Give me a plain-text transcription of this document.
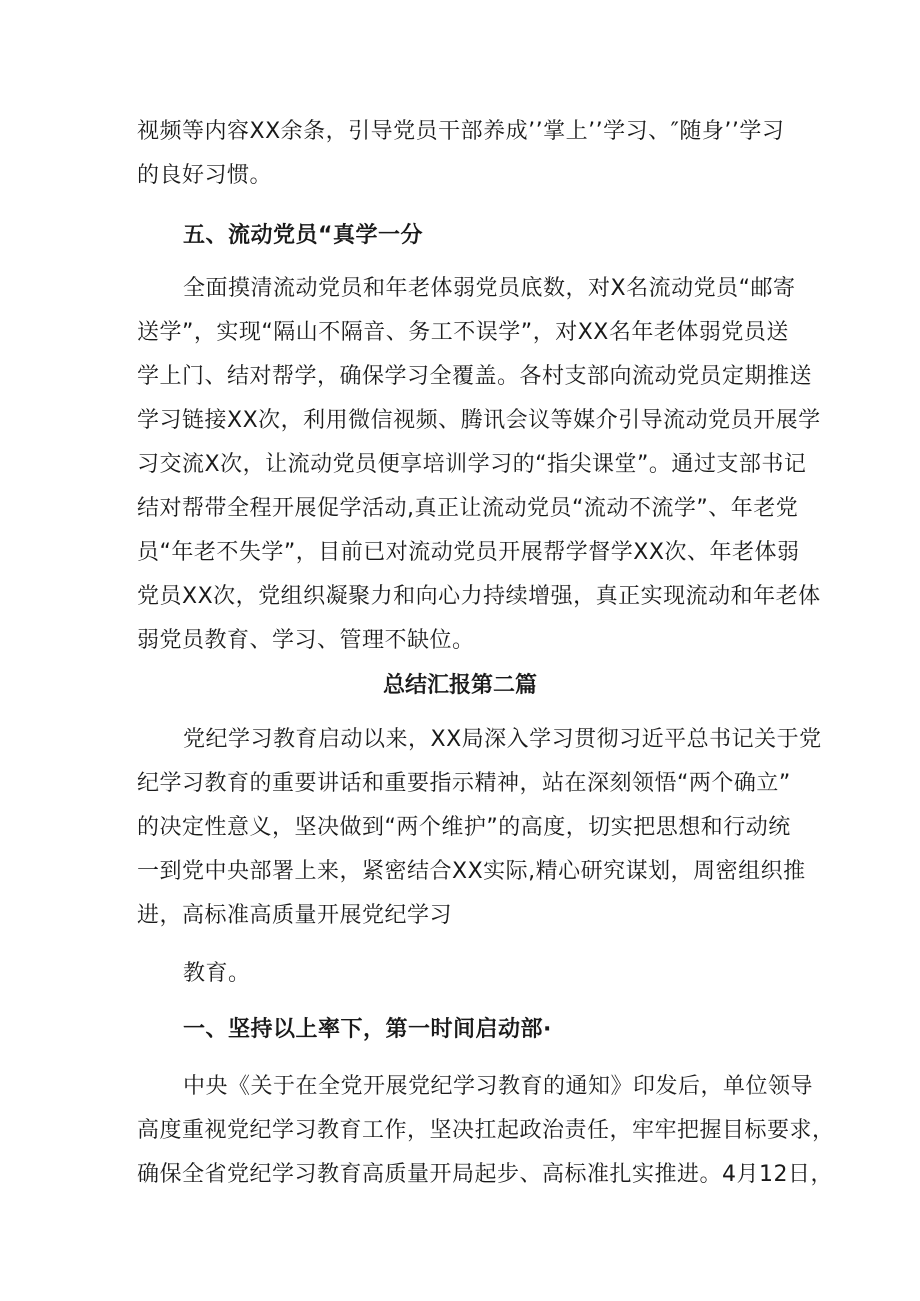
视频等内容XX余条，引导党员干部养成’’掌上’’学习、″随身’’学习
的良好习惯。
五、流动党员“真学一分
全面摸清流动党员和年老体弱党员底数，对X名流动党员“邮寄
送学”，实现“隔山不隔音、务工不误学”，对XX名年老体弱党员送
学上门、结对帮学，确保学习全覆盖。各村支部向流动党员定期推送
学习链接XX次，利用微信视频、腾讯会议等媒介引导流动党员开展学
习交流X次，让流动党员便享培训学习的“指尖课堂”。通过支部书记
结对帮带全程开展促学活动,真正让流动党员“流动不流学”、年老党
员“年老不失学”，目前已对流动党员开展帮学督学XX次、年老体弱
党员XX次，党组织凝聚力和向心力持续增强，真正实现流动和年老体
弱党员教育、学习、管理不缺位。
总结汇报第二篇
党纪学习教育启动以来，XX局深入学习贯彻习近平总书记关于党
纪学习教育的重要讲话和重要指示精神，站在深刻领悟“两个确立”
的决定性意义，坚决做到“两个维护”的高度，切实把思想和行动统
一到党中央部署上来，紧密结合XX实际,精心研究谋划，周密组织推
进，高标准高质量开展党纪学习
教育。
一、坚持以上率下，第一时间启动部·
中央《关于在全党开展党纪学习教育的通知》印发后，单位领导
高度重视党纪学习教育工作，坚决扛起政治责任，牢牢把握目标要求，
确保全省党纪学习教育高质量开局起步、高标准扎实推进。4月12日，
